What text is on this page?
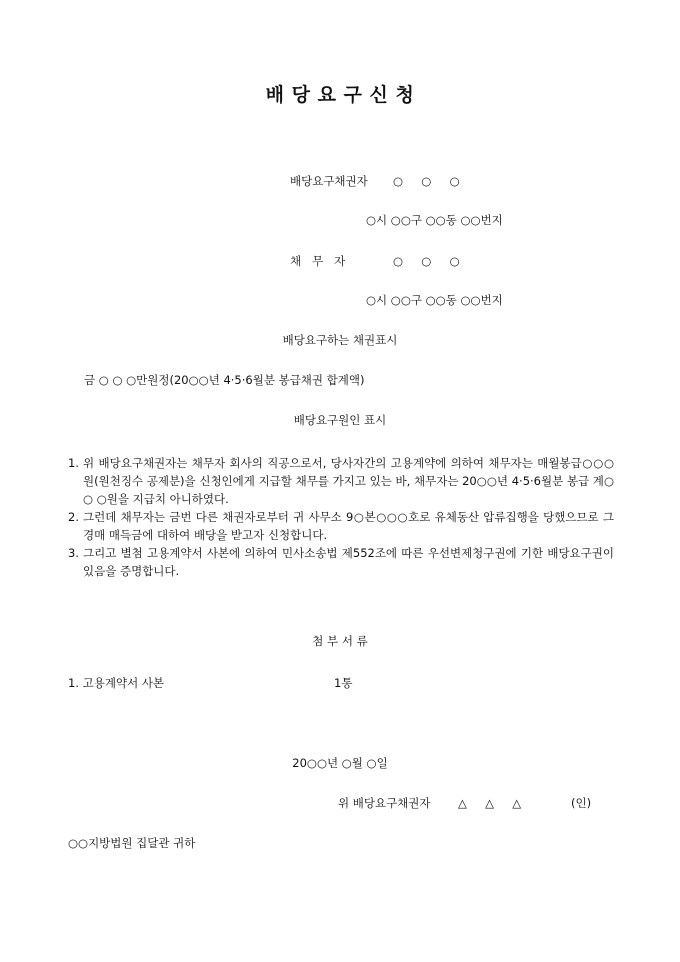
배 당 요 구 신 청
배당요구채권자 ○     ○     ○
○시 ○○구 ○○동 ○○번지
채   무   자	○     ○     ○
○시 ○○구 ○○동 ○○번지
배당요구하는 채권표시
금 ○ ○ ○만원정(20○○년 4·5·6월분 봉급채권 합계액)
배당요구원인 표시
1. 위 배당요구채권자는 채무자 회사의 직공으로서, 당사자간의 고용계약에 의하여 채무자는 매월봉급○○○원(원천징수 공제분)을 신청인에게 지급할 채무를 가지고 있는 바, 채무자는 20○○년 4·5·6월분 봉급 계○ ○ ○원을 지급치 아니하였다.
2. 그런데 채무자는 금번 다른 채권자로부터 귀 사무소 9○본○○○호로 유체동산 압류집행을 당했으므로 그 경매 매득금에 대하여 배당을 받고자 신청합니다.
3. 그리고 별첨 고용계약서 사본에 의하여 민사소송법 제552조에 따른 우선변제청구권에 기한 배당요구권이 있음을 증명합니다.
첨 부 서 류
1. 고용계약서 사본	1통
20○○년 ○월 ○일
위 배당요구채권자 △     △     △	(인)
○○지방법원 집달관 귀하
